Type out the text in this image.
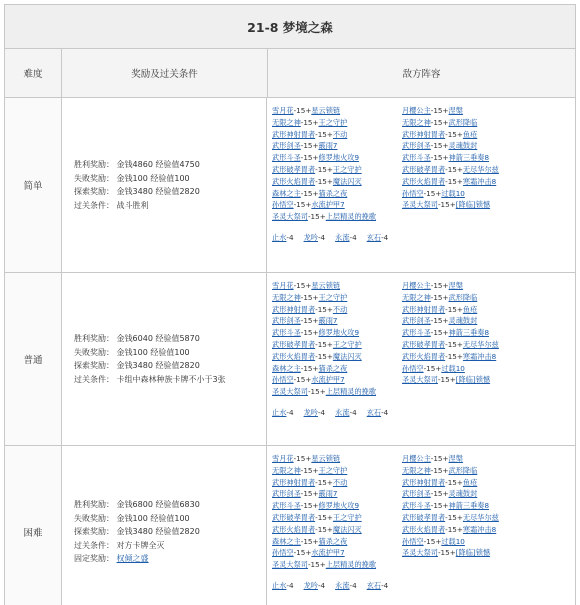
21-8 梦境之森
难度	奖励及过关条件	敌方阵容
简单
胜利奖励： 金钱4860 经验值4750
失败奖励： 金钱100 经验值100
探索奖励： 金钱3480 经验值2820
过关条件： 战斗胜利
雪月花-15+星云锁链
无限之神-15+王之守护
武形神射胃者-15+不动
武形剑圣-15+霰雨7
武形斗圣-15+修罗地火攻9
武形破孝胃者-15+王之守护
武形火焰胃者-15+魔法闪灭
森林之主-15+猫杀之夜
孙悟空-15+水流护甲7
圣灵大祭司-15+上层精灵的挽歌
月樱公主-15+涅槃
无限之神-15+武形降临
武形神射胃者-15+鱼疮
武形剑圣-15+灵魂鼓封
武形斗圣-15+神箭三垂奏8
武形破孝胃者-15+无尽华尔兹
武形火焰胃者-15+寒霜冲击8
孙悟空-15+过载10
圣灵大祭司-15+[降临]锁憾
止水-4 龙吟-4 永流-4 玄石-4
普通
胜利奖励： 金钱6040 经验值5870
失败奖励： 金钱100 经验值100
探索奖励： 金钱3480 经验值2820
过关条件： 卡组中森林种族卡牌不小于3张
雪月花-15+星云锁链
无限之神-15+王之守护
武形神射胃者-15+不动
武形剑圣-15+霰雨7
武形斗圣-15+修罗地火攻9
武形破孝胃者-15+王之守护
武形火焰胃者-15+魔法闪灭
森林之主-15+猫杀之夜
孙悟空-15+水流护甲7
圣灵大祭司-15+上层精灵的挽歌
月樱公主-15+涅槃
无限之神-15+武形降临
武形神射胃者-15+鱼疮
武形剑圣-15+灵魂鼓封
武形斗圣-15+神箭三垂奏8
武形破孝胃者-15+无尽华尔兹
武形火焰胃者-15+寒霜冲击8
孙悟空-15+过载10
圣灵大祭司-15+[降临]锁憾
止水-4 龙吟-4 永流-4 玄石-4
困难
胜利奖励： 金钱6800 经验值6830
失败奖励： 金钱100 经验值100
探索奖励： 金钱3480 经验值2820
过关条件： 对方卡牌全灭
固定奖励： 权倾之盛
雪月花-15+星云锁链
无限之神-15+王之守护
武形神射胃者-15+不动
武形剑圣-15+霰雨7
武形斗圣-15+修罗地火攻9
武形破孝胃者-15+王之守护
武形火焰胃者-15+魔法闪灭
森林之主-15+猫杀之夜
孙悟空-15+水流护甲7
圣灵大祭司-15+上层精灵的挽歌
月樱公主-15+涅槃
无限之神-15+武形降临
武形神射胃者-15+鱼疮
武形剑圣-15+灵魂鼓封
武形斗圣-15+神箭三垂奏8
武形破孝胃者-15+无尽华尔兹
武形火焰胃者-15+寒霜冲击8
孙悟空-15+过载10
圣灵大祭司-15+[降临]锁憾
止水-4 龙吟-4 永流-4 玄石-4
